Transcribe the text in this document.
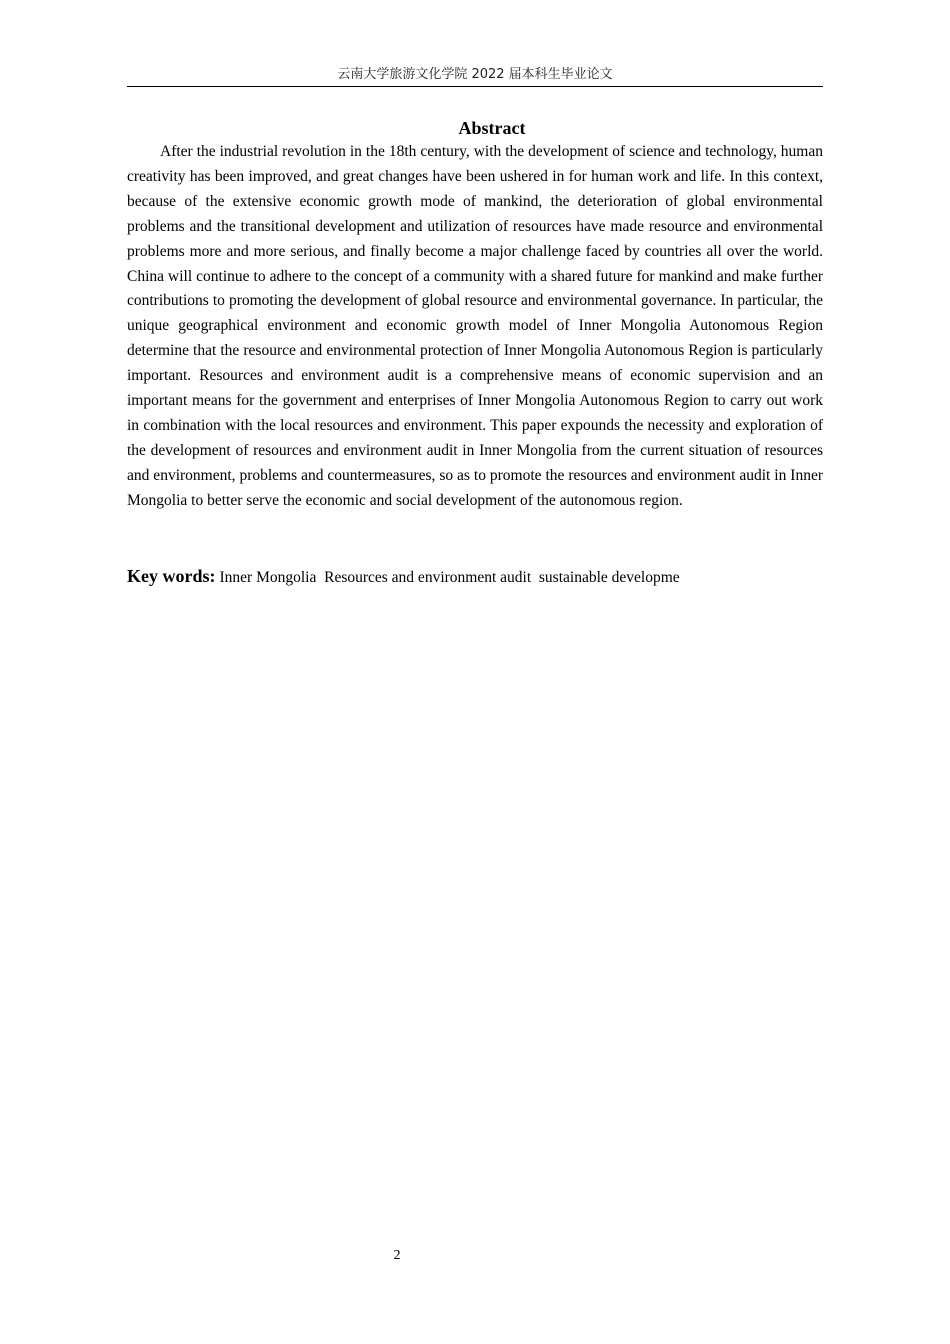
云南大学旅游文化学院 2022 届本科生毕业论文
Abstract

After the industrial revolution in the 18th century, with the development of science and technology, human creativity has been improved, and great changes have been ushered in for human work and life. In this context, because of the extensive economic growth mode of mankind, the deterioration of global environmental problems and the transitional development and utilization of resources have made resource and environmental problems more and more serious, and finally become a major challenge faced by countries all over the world. China will continue to adhere to the concept of a community with a shared future for mankind and make further contributions to promoting the development of global resource and environmental governance. In particular, the unique geographical environment and economic growth model of Inner Mongolia Autonomous Region determine that the resource and environmental protection of Inner Mongolia Autonomous Region is particularly important. Resources and environment audit is a comprehensive means of economic supervision and an important means for the government and enterprises of Inner Mongolia Autonomous Region to carry out work in combination with the local resources and environment. This paper expounds the necessity and exploration of the development of resources and environment audit in Inner Mongolia from the current situation of resources and environment, problems and countermeasures, so as to promote the resources and environment audit in Inner Mongolia to better serve the economic and social development of the autonomous region.

Key words: Inner Mongolia  Resources and environment audit  sustainable developme

2
